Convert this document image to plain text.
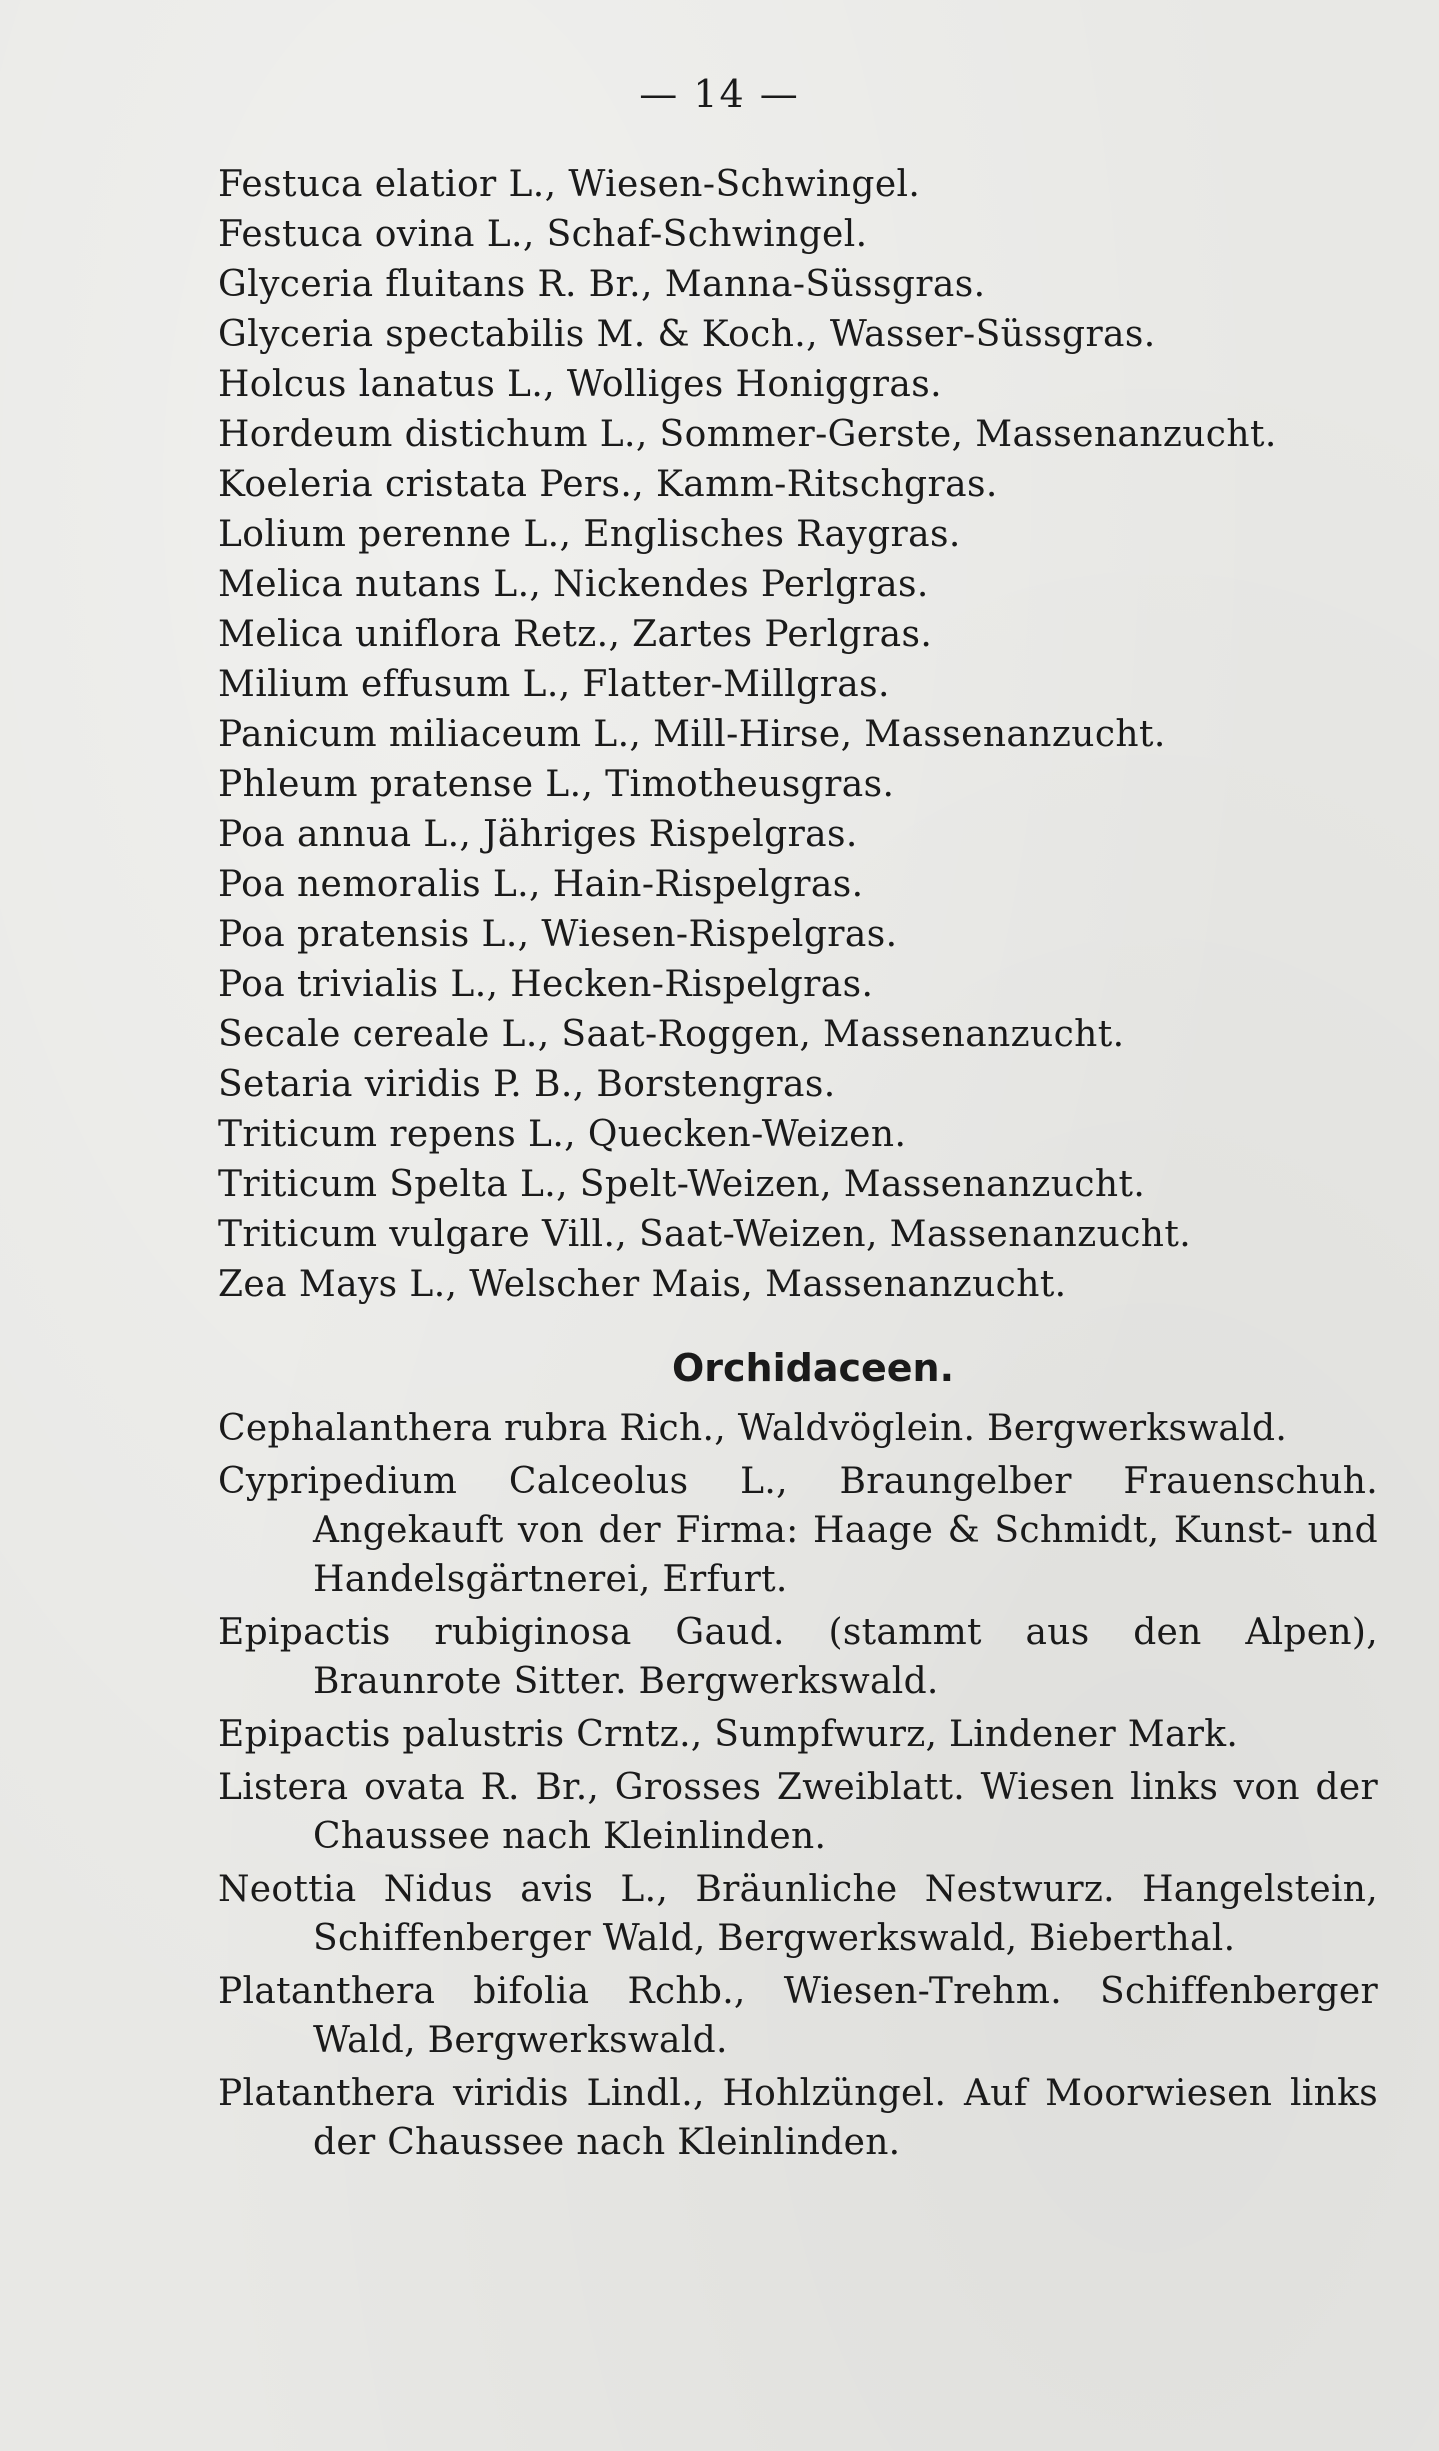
— 14 —
Festuca elatior L., Wiesen-Schwingel.
Festuca ovina L., Schaf-Schwingel.
Glyceria fluitans R. Br., Manna-Süssgras.
Glyceria spectabilis M. & Koch., Wasser-Süssgras.
Holcus lanatus L., Wolliges Honiggras.
Hordeum distichum L., Sommer-Gerste, Massenanzucht.
Koeleria cristata Pers., Kamm-Ritschgras.
Lolium perenne L., Englisches Raygras.
Melica nutans L., Nickendes Perlgras.
Melica uniflora Retz., Zartes Perlgras.
Milium effusum L., Flatter-Millgras.
Panicum miliaceum L., Mill-Hirse, Massenanzucht.
Phleum pratense L., Timotheusgras.
Poa annua L., Jähriges Rispelgras.
Poa nemoralis L., Hain-Rispelgras.
Poa pratensis L., Wiesen-Rispelgras.
Poa trivialis L., Hecken-Rispelgras.
Secale cereale L., Saat-Roggen, Massenanzucht.
Setaria viridis P. B., Borstengras.
Triticum repens L., Quecken-Weizen.
Triticum Spelta L., Spelt-Weizen, Massenanzucht.
Triticum vulgare Vill., Saat-Weizen, Massenanzucht.
Zea Mays L., Welscher Mais, Massenanzucht.
Orchidaceen.
Cephalanthera rubra Rich., Waldvöglein. Bergwerkswald.
Cypripedium Calceolus L., Braungelber Frauenschuh. Angekauft von der Firma: Haage & Schmidt, Kunst- und Handelsgärtnerei, Erfurt.
Epipactis rubiginosa Gaud. (stammt aus den Alpen), Braunrote Sitter. Bergwerkswald.
Epipactis palustris Crntz., Sumpfwurz, Lindener Mark.
Listera ovata R. Br., Grosses Zweiblatt. Wiesen links von der Chaussee nach Kleinlinden.
Neottia Nidus avis L., Bräunliche Nestwurz. Hangelstein, Schiffenberger Wald, Bergwerkswald, Bieberthal.
Platanthera bifolia Rchb., Wiesen-Trehm. Schiffenberger Wald, Bergwerkswald.
Platanthera viridis Lindl., Hohlzüngel. Auf Moorwiesen links der Chaussee nach Kleinlinden.
